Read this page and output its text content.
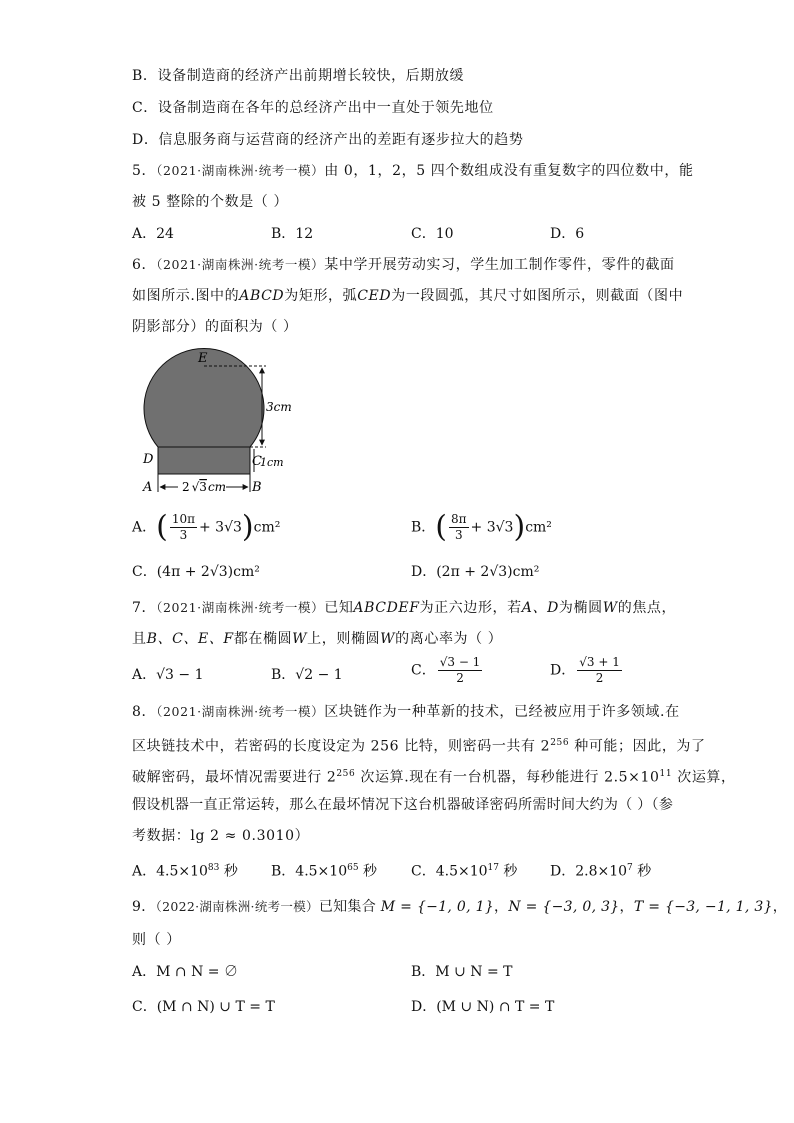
B．设备制造商的经济产出前期增长较快，后期放缓
C．设备制造商在各年的总经济产出中一直处于领先地位
D．信息服务商与运营商的经济产出的差距有逐步拉大的趋势
5．（2021·湖南株洲·统考一模）由 0，1，2，5 四个数组成没有重复数字的四位数中，能
被 5 整除的个数是（ ）
A．24	B．12	C．10	D．6
6．（2021·湖南株洲·统考一模）某中学开展劳动实习，学生加工制作零件，零件的截面
如图所示.图中的ABCD为矩形，弧CED为一段圆弧，其尺寸如图所示，则截面（图中
阴影部分）的面积为（ ）
E
D	C
A	B
3cm
1cm
2 √3cm
A．( $\frac{10\pi}{3} + 3√3)cm^2$	B．( $\frac{8\pi}{3} + 3√3)cm^2$
C．(4π + 2√3)cm²	D．(2π + 2√3)cm²
7．（2021·湖南株洲·统考一模）已知ABCDEF为正六边形，若A、D为椭圆W的焦点，
且B、C、E、F都在椭圆W上，则椭圆W的离心率为（ ）
A．√3 − 1	B．√2 − 1	C． $\frac{√3 - 1}{2}$	D． $\frac{√3 + 1}{2}$
8．（2021·湖南株洲·统考一模）区块链作为一种革新的技术，已经被应用于许多领域.在
区块链技术中，若密码的长度设定为 256 比特，则密码一共有 $2^{256}$ 种可能；因此，为了
破解密码，最坏情况需要进行 $2^{256}$ 次运算.现在有一台机器，每秒能进行 $2.5\times 10^{11}$ 次运算，
假设机器一直正常运转，那么在最坏情况下这台机器破译密码所需时间大约为（ ）（参
考数据：lg 2 ≈ 0.3010）
A．$4.5\times 10^{83}$ 秒 B．$4.5\times 10^{65}$ 秒 C．$4.5\times 10^{17}$ 秒 D．$2.8\times 10^7$ 秒
9．（2022·湖南株洲·统考一模）已知集合 M = {−1, 0, 1}，N = {−3, 0, 3}，T = {−3, −1, 1, 3}，
则（ ）
A．M ∩ N = ∅	B．M ∪ N = T
C．(M ∩ N) ∪ T = T	D．(M ∪ N) ∩ T = T
